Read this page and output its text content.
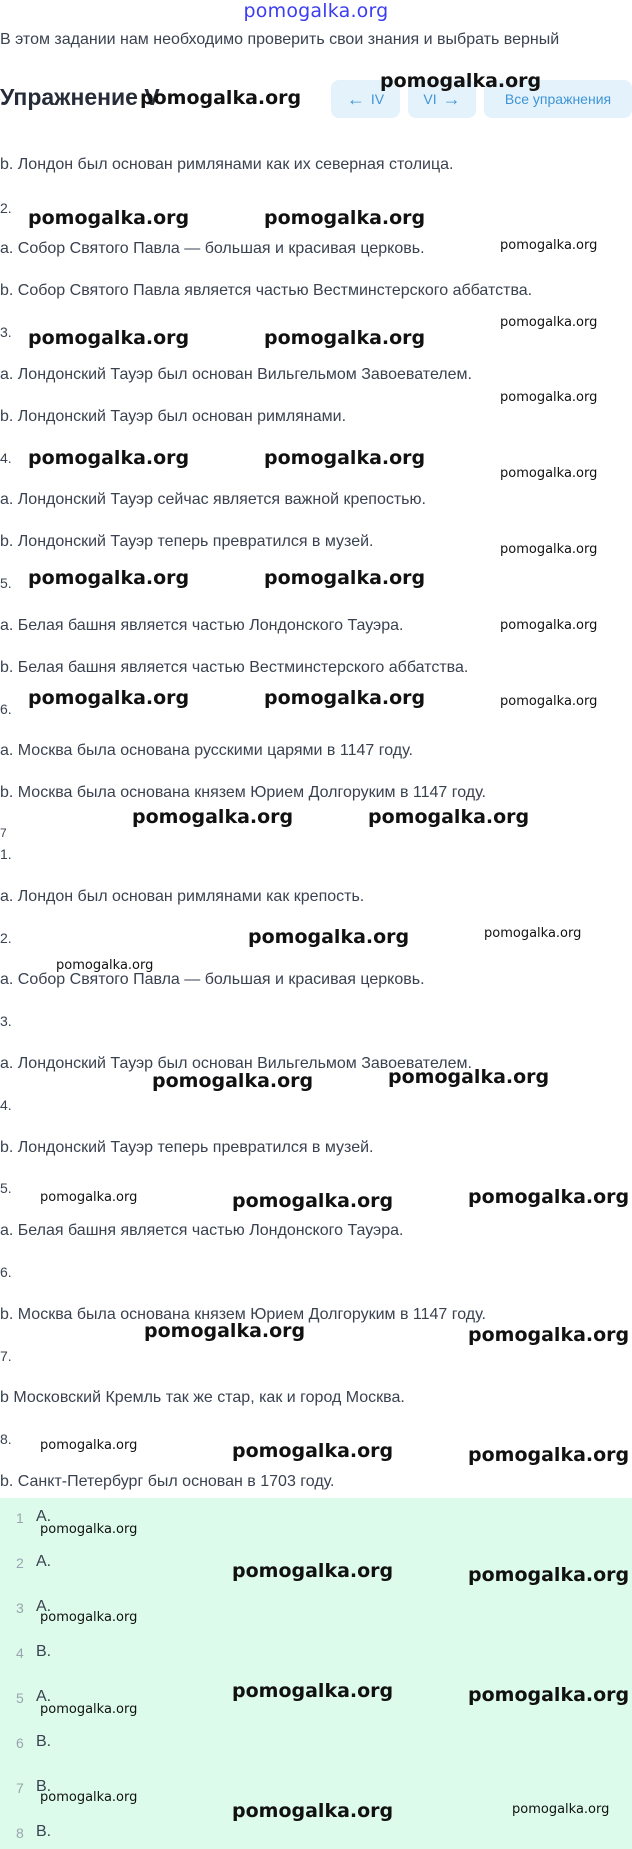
pomogalka.org
В этом задании нам необходимо проверить свои знания и выбрать верный
Упражнение V	← IV	VI →	Все упражнения
b. Лондон был основан римлянами как их северная столица.
2.
a. Собор Святого Павла — большая и красивая церковь.
b. Собор Святого Павла является частью Вестминстерского аббатства.
3.
a. Лондонский Тауэр был основан Вильгельмом Завоевателем.
b. Лондонский Тауэр был основан римлянами.
4.
a. Лондонский Тауэр сейчас является важной крепостью.
b. Лондонский Тауэр теперь превратился в музей.
5.
a. Белая башня является частью Лондонского Тауэра.
b. Белая башня является частью Вестминстерского аббатства.
6.
a. Москва была основана русскими царями в 1147 году.
b. Москва была основана князем Юрием Долгоруким в 1147 году.
7
1.
a. Лондон был основан римлянами как крепость.
2.
a. Собор Святого Павла — большая и красивая церковь.
3.
a. Лондонский Тауэр был основан Вильгельмом Завоевателем.
4.
b. Лондонский Тауэр теперь превратился в музей.
5.
a. Белая башня является частью Лондонского Тауэра.
6.
b. Москва была основана князем Юрием Долгоруким в 1147 году.
7.
b Московский Кремль так же стар, как и город Москва.
8.
b. Санкт-Петербург был основан в 1703 году.
1 A.
2 A.
3 A.
4 B.
5 A.
6 B.
7 B.
8 B.
pomogalka.org
pomogalka.org
pomogalka.org	pomogalka.org
pomogalka.org
pomogalka.org
pomogalka.org	pomogalka.org
pomogalka.org
pomogalka.org	pomogalka.org
pomogalka.org
pomogalka.org
pomogalka.org	pomogalka.org
pomogalka.org
pomogalka.org	pomogalka.org	pomogalka.org
pomogalka.org	pomogalka.org
pomogalka.org	pomogalka.org
pomogalka.org
pomogalka.org	pomogalka.org
pomogalka.org	pomogalka.org	pomogalka.org
pomogalka.org	pomogalka.org
pomogalka.org	pomogalka.org	pomogalka.org
pomogalka.org
pomogalka.org	pomogalka.org
pomogalka.org
pomogalka.org	pomogalka.org
pomogalka.org
pomogalka.org
pomogalka.org	pomogalka.org
